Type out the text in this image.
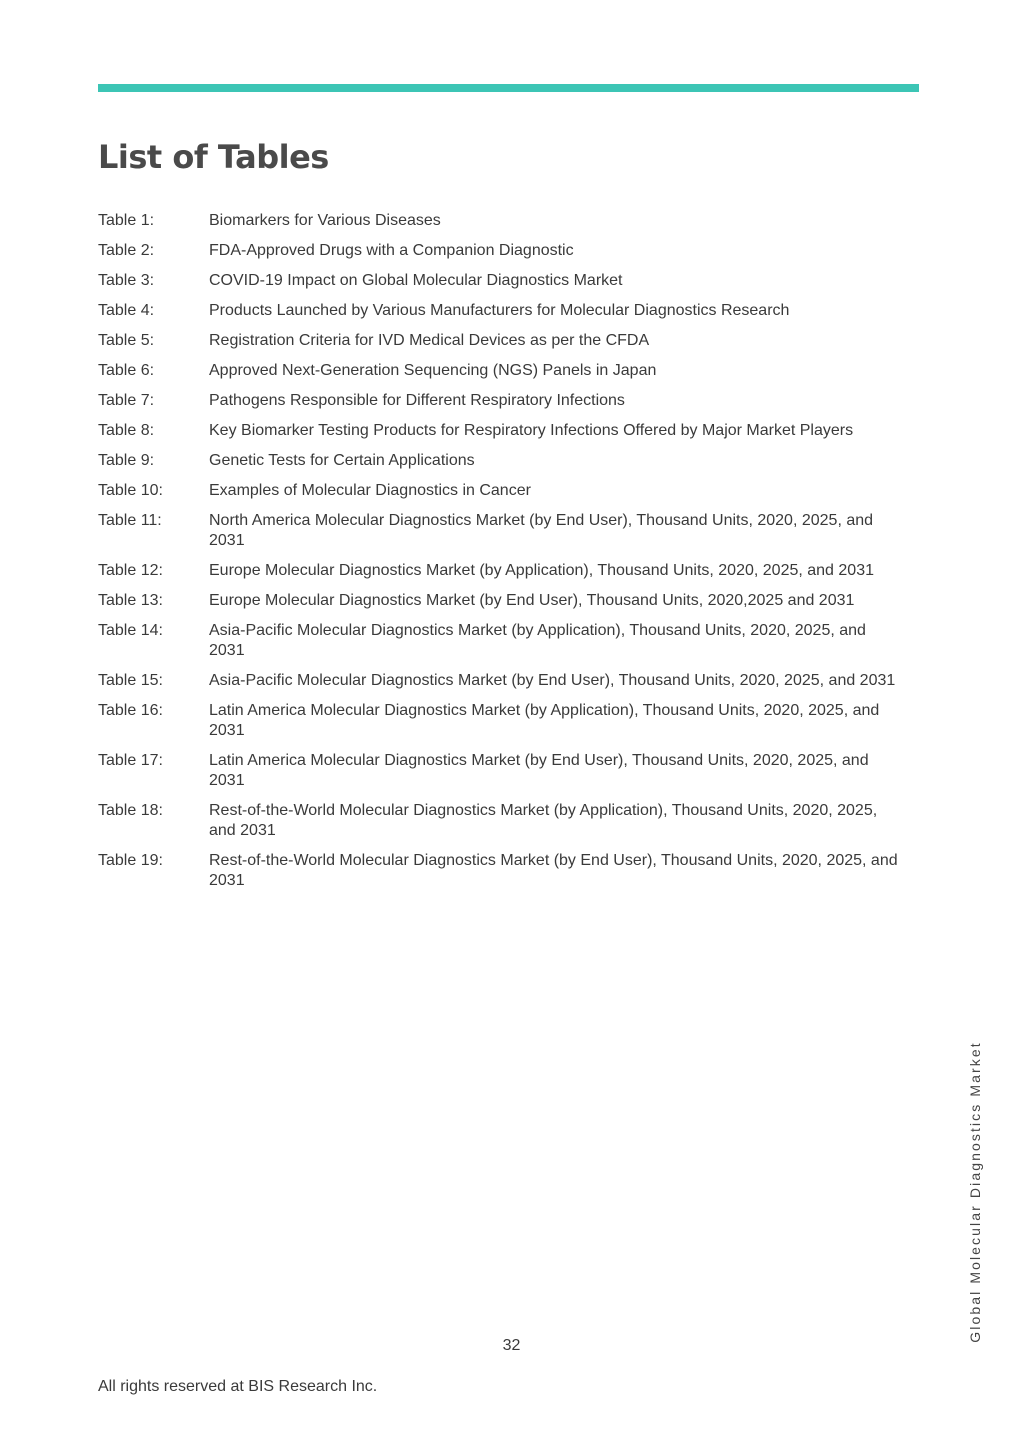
List of Tables
Table 1:	Biomarkers for Various Diseases
Table 2:	FDA-Approved Drugs with a Companion Diagnostic
Table 3:	COVID-19 Impact on Global Molecular Diagnostics Market
Table 4:	Products Launched by Various Manufacturers for Molecular Diagnostics Research
Table 5:	Registration Criteria for IVD Medical Devices as per the CFDA
Table 6:	Approved Next-Generation Sequencing (NGS) Panels in Japan
Table 7:	Pathogens Responsible for Different Respiratory Infections
Table 8:	Key Biomarker Testing Products for Respiratory Infections Offered by Major Market Players
Table 9:	Genetic Tests for Certain Applications
Table 10:	Examples of Molecular Diagnostics in Cancer
Table 11:	North America Molecular Diagnostics Market (by End User), Thousand Units, 2020, 2025, and 2031
Table 12:	Europe Molecular Diagnostics Market (by Application), Thousand Units, 2020, 2025, and 2031
Table 13:	Europe Molecular Diagnostics Market (by End User), Thousand Units, 2020,2025 and 2031
Table 14:	Asia-Pacific Molecular Diagnostics Market (by Application), Thousand Units, 2020, 2025, and 2031
Table 15:	Asia-Pacific Molecular Diagnostics Market (by End User), Thousand Units, 2020, 2025, and 2031
Table 16:	Latin America Molecular Diagnostics Market (by Application), Thousand Units, 2020, 2025, and 2031
Table 17:	Latin America Molecular Diagnostics Market (by End User), Thousand Units, 2020, 2025, and 2031
Table 18:	Rest-of-the-World Molecular Diagnostics Market (by Application), Thousand Units, 2020, 2025, and 2031
Table 19:	Rest-of-the-World Molecular Diagnostics Market (by End User), Thousand Units, 2020, 2025, and 2031
Global Molecular Diagnostics Market
32
All rights reserved at BIS Research Inc.
